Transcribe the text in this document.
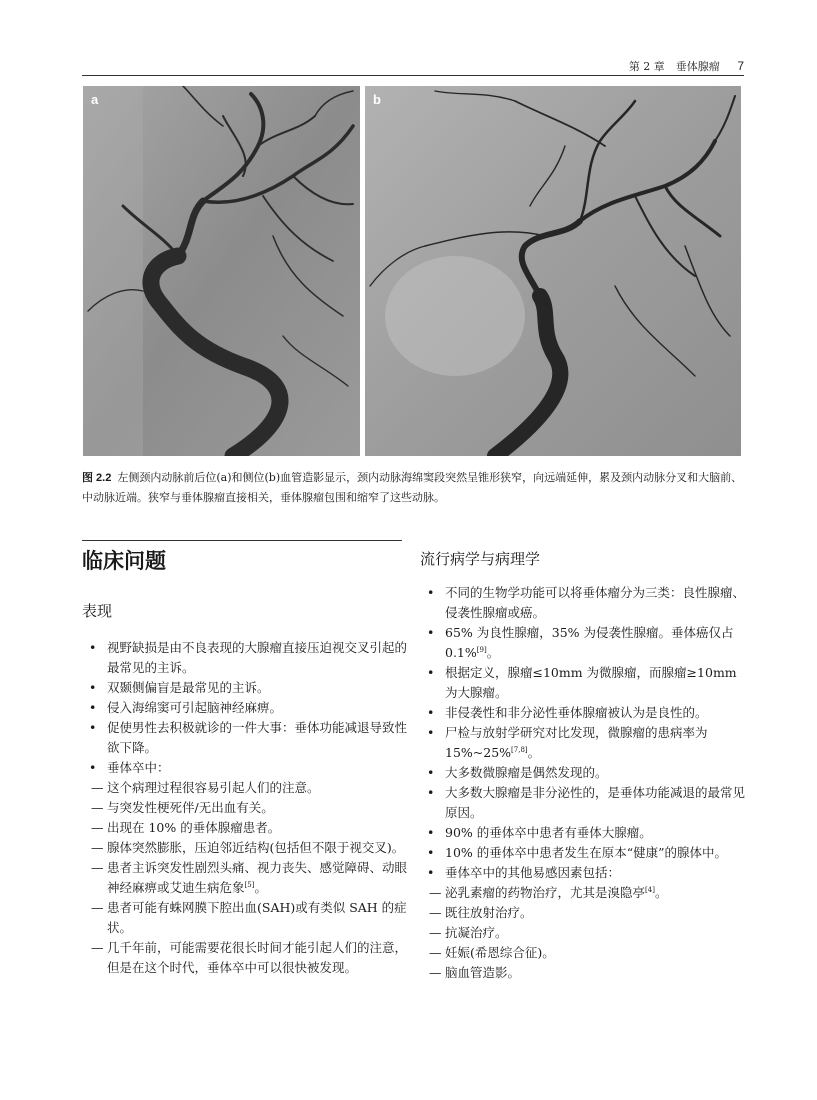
第 2 章　垂体腺瘤 7
a	b
图 2.2 左侧颈内动脉前后位(a)和侧位(b)血管造影显示，颈内动脉海绵窦段突然呈锥形狭窄，向远端延伸，累及颈内动脉分叉和大脑前、中动脉近端。狭窄与垂体腺瘤直接相关，垂体腺瘤包围和缩窄了这些动脉。
临床问题
表现
流行病学与病理学
• 视野缺损是由不良表现的大腺瘤直接压迫视交叉引起的最常见的主诉。
• 双颞侧偏盲是最常见的主诉。
• 侵入海绵窦可引起脑神经麻痹。
• 促使男性去积极就诊的一件大事：垂体功能减退导致性欲下降。
• 垂体卒中：
— 这个病理过程很容易引起人们的注意。
— 与突发性梗死伴/无出血有关。
— 出现在 10% 的垂体腺瘤患者。
— 腺体突然膨胀，压迫邻近结构(包括但不限于视交叉)。
— 患者主诉突发性剧烈头痛、视力丧失、感觉障碍、动眼神经麻痹或艾迪生病危象[5]。
— 患者可能有蛛网膜下腔出血(SAH)或有类似 SAH 的症状。
— 几千年前，可能需要花很长时间才能引起人们的注意，但是在这个时代，垂体卒中可以很快被发现。
• 不同的生物学功能可以将垂体瘤分为三类：良性腺瘤、侵袭性腺瘤或癌。
• 65% 为良性腺瘤，35% 为侵袭性腺瘤。垂体癌仅占 0.1%[9]。
• 根据定义，腺瘤≤10mm 为微腺瘤，而腺瘤≥10mm 为大腺瘤。
• 非侵袭性和非分泌性垂体腺瘤被认为是良性的。
• 尸检与放射学研究对比发现，微腺瘤的患病率为 15%~25%[7,8]。
• 大多数微腺瘤是偶然发现的。
• 大多数大腺瘤是非分泌性的，是垂体功能减退的最常见原因。
• 90% 的垂体卒中患者有垂体大腺瘤。
• 10% 的垂体卒中患者发生在原本“健康”的腺体中。
• 垂体卒中的其他易感因素包括：
— 泌乳素瘤的药物治疗，尤其是溴隐亭[4]。
— 既往放射治疗。
— 抗凝治疗。
— 妊娠(希恩综合征)。
— 脑血管造影。
